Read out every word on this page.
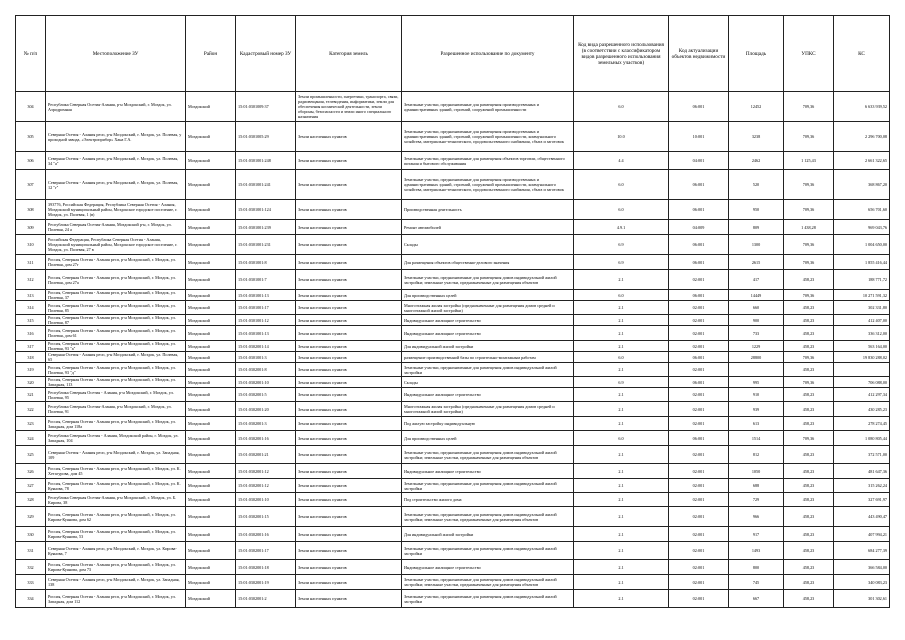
№ п/п	Местоположение ЗУ	Район	Кадастровый номер ЗУ	Категория земель	Разрешенное использование по документу	Код вида разрешенного использования (в соответствии с классификатором видов разрешенного использования земельных участков)	Код актуализации объектов недвижимости	Площадь	УПКС	КС
304	Республика Северная Осетия-Алания, р-н Моздокский, г. Моздок, ул. Аэродромная	Моздокский	15:01:0301009:37	Земли промышленности, энергетики, транспорта, связи, радиовещания, телевидения, информатики, земли для обеспечения космической деятельности, земли обороны, безопасности и земли иного специального назначения	Земельные участки, предназначенные для размещения производственных и административных зданий, строений, сооружений промышленности	6.0	06:001	12452	709,36	6 633 939,52
305	Северная Осетия - Алания респ, р-н Моздокский, г. Моздок, ул. Полевая, у проходной завода, «Электроприбор» Хана Г.А.	Моздокский	15:01:0301005:29	Земли населенных пунктов	Земельные участки, предназначенные для размещения производственных и административных зданий, строений, сооружений промышленности, коммунального хозяйства, материально-технического, продовольственного снабжения, сбыта и заготовок	10.0	10:001	3238	709,36	2 296 700,08
306	Северная Осетия - Алания респ, р-н Моздокский, г. Моздок, ул. Полевая, 34 "а"	Моздокский	15:01:0301001:248	Земли населенных пунктов	Земельные участки, предназначенные для размещения объектов торговли, общественного питания и бытового обслуживания	4.4	04:001	2462	1 125,43	2 661 322,65
307	Северная Осетия - Алания респ, р-н Моздокский, г. Моздок, ул. Полевая, 12 "г"	Моздокский	15:01:0301001:241	Земли населенных пунктов	Земельные участки, предназначенные для размещения производственных и административных зданий, строений, сооружений промышленности, коммунального хозяйства, материально-технического, продовольственного снабжения, сбыта и заготовок	6.0	06:001	520	709,36	368 867,20
308	393776, Российская Федерация, Республика Северная Осетия - Алания, Моздокский муниципальный район, Моздокское городское поселение, г. Моздок, ул. Полевая, 1 (в)	Моздокский	15:01:0301001:124	Земли населенных пунктов	Производственная деятельность	6.0	06:001	950	709,36	656 701,60
309	Республика Северная Осетия-Алания, Моздокский р-н, г. Моздок, ул. Полевая, 24 а	Моздокский	15:01:0301001:239	Земли населенных пунктов	Ремонт автомобилей	4.9.1	04:009	809	1 438,28	969 043,76
310	Российская Федерация, Республика Северная Осетия - Алания, Моздокский муниципальный район, Моздокское городское поселение, г. Моздок, ул. Полевая, 27 в	Моздокский	15:01:0301001:231	Земли населенных пунктов	Склады	6.9	06:001	1300	709,36	1 004 650,00
311	Россия, Северная Осетия - Алания респ, р-н Моздокский, г. Моздок, ул. Полевая, дом 27г	Моздокский	15:01:0301001:8	Земли населенных пунктов	Для размещения объектов общественно-делового значения	6.9	06:001	2615	709,36	1 855 416,44
312	Россия, Северная Осетия - Алания респ, р-н Моздокский, г. Моздок, ул. Полевая, дом 27а	Моздокский	15:01:0301001:7	Земли населенных пунктов	Земельные участки, предназначенные для размещения домов индивидуальной жилой застройки; земельные участки, предназначенные для размещения объектов	2.1	02:001	417	458,23	188 771,72
313	Россия, Северная Осетия - Алания респ, р-н Моздокский, г. Моздок, ул. Полевая, 37	Моздокский	15:01:0301001:13	Земли населенных пунктов	Для производственных целей	6.0	06:001	14449	709,36	10 271 591,32
314	Россия, Северная Осетия - Алания респ, р-н Моздокский, г. Моздок, ул. Полевая, 85	Моздокский	15:01:0301001:17	Земли населенных пунктов	Многоэтажная жилая застройка (предназначенные для размещения домов средней и многоэтажной жилой застройки)	2.1	02:001	660	458,23	302 331,80
315	Россия, Северная Осетия - Алания респ, р-н Моздокский, г. Моздок, ул. Полевая, 87	Моздокский	15:01:0301001:12	Земли населенных пунктов	Индивидуальное жилищное строительство	2.1	02:001	900	458,23	412 407,00
316	Россия, Северная Осетия - Алания респ, р-н Моздокский, г. Моздок, ул. Полевая, дом 61	Моздокский	15:01:0301001:13	Земли населенных пунктов	Индивидуальное жилищное строительство	2.1	02:001	733	458,23	336 312,00
317	Россия, Северная Осетия - Алания респ, р-н Моздокский, г. Моздок, ул. Полевая, 93 "а"	Моздокский	15:01:0302001:14	Земли населенных пунктов	Для индивидуальной жилой застройки	2.1	02:001	1229	458,23	563 164,00
318	Северная Осетия - Алания респ, р-н Моздокский, г. Моздок, ул. Полевая, 65	Моздокский	15:01:0301001:3	Земли населенных пунктов	размещение производственной базы по строительно-монтажным работам	6.0	06:001	28800	709,36	19 830 288,02
319	Россия, Северная Осетия - Алания респ, р-н Моздокский, г. Моздок, ул. Полевая, 93 "д"	Моздокский	15:01:0302001:8	Земли населенных пунктов	Земельные участки, предназначенные для размещения домов индивидуальной жилой застройки	2.1	02:001		458,23	
320	Россия, Северная Осетия - Алания респ, р-н Моздокский, г. Моздок, ул. Западная, 113	Моздокский	15:01:0302001:10	Земли населенных пунктов	Склады	6.9	06:001	995	709,36	706 088,00
321	Республика Северная Осетия - Алания, р-н Моздокский, г. Моздок, ул. Полевая, 95	Моздокский	15:01:0302001:5	Земли населенных пунктов	Индивидуальное жилищное строительство	2.1	02:001	910	458,23	412 297,34
322	Республика Северная Осетия-Алания, р-н Моздокский, г. Моздок, ул. Полевая, 91	Моздокский	15:01:0302001:20	Земли населенных пунктов	Многоэтажная жилая застройка (предназначенные для размещения домов средней и многоэтажной жилой застройки)	2.1	02:001	939	458,23	430 285,23
323	Россия, Северная Осетия - Алания респ, р-н Моздокский, г. Моздок, ул. Западная, дом 118а	Моздокский	15:01:0302001:3	Земли населенных пунктов	Под жилую застройку индивидуальную	2.1	02:001	613	458,23	278 274,45
324	Республика Северная Осетия - Алания, Моздокский район, г. Моздок, ул. Западная, 104	Моздокский	15:01:0302001:16	Земли населенных пунктов	Для производственных целей	6.0	06:001	1514	709,36	1 080 805,44
325	Северная Осетия - Алания респ, р-н Моздокский, г. Моздок, ул. Западная, 109	Моздокский	15:01:0302001:21	Земли населенных пунктов	Земельные участки, предназначенные для размещения домов индивидуальной жилой застройки; земельные участки, предназначенные для размещения объектов	2.1	02:001	812	458,23	372 571,00
326	Россия, Северная Осетия - Алания респ, р-н Моздокский, г. Моздок, ул. К. Хетагурова, дом 45	Моздокский	15:01:0302001:12	Земли населенных пунктов	Индивидуальное жилищное строительство	2.1	02:001	1050	458,23	481 647,36
327	Россия, Северная Осетия - Алания респ, р-н Моздокский, г. Моздок, ул. К. Куянова, 78	Моздокский	15:01:0302001:12	Земли населенных пунктов	Земельные участки, предназначенные для размещения домов индивидуальной жилой застройки	2.1	02:001	688	458,23	315 262,24
328	Республика Северная Осетия-Алания, р-н Моздокский, г. Моздок, ул. Б. Кирова, 38	Моздокский	15:01:0302001:10	Земли населенных пунктов	Под строительство жилого дома	2.1	02:001	729	458,23	327 691,97
329	Россия, Северная Осетия - Алания респ, р-н Моздокский, г. Моздок, ул. Кирова-Куянова, дом 62	Моздокский	15:01:0302001:15	Земли населенных пунктов	Земельные участки, предназначенные для размещения домов индивидуальной жилой застройки; земельные участки, предназначенные для размещения объектов	2.1	02:001	966	458,23	443 490,47
330	Россия, Северная Осетия - Алания респ, р-н Моздокский, г. Моздок, ул. Кирова-Куянова, 53	Моздокский	15:01:0302001:16	Земли населенных пунктов	Для индивидуальной жилой застройки	2.1	02:001	917	458,23	407 994,21
331	Северная Осетия - Алания респ, р-н Моздокский, г. Моздок, ул. Кирова-Куянова, 7	Моздокский	15:01:0302001:17	Земли населенных пунктов	Земельные участки, предназначенные для размещения домов индивидуальной жилой застройки	2.1	02:001	1493	458,23	684 277,39
332	Россия, Северная Осетия - Алания респ, р-н Моздокский, г. Моздок, ул. Кирова-Куянова, дом 73	Моздокский	15:01:0302001:18	Земли населенных пунктов	Индивидуальное жилищное строительство	2.1	02:001	800	458,23	366 584,00
333	Северная Осетия - Алания респ, р-н Моздокский, г. Моздок, ул. Западная, 138	Моздокский	15:01:0302001:19	Земли населенных пунктов	Земельные участки, предназначенные для размещения домов индивидуальной жилой застройки; земельные участки, предназначенные для размещения объектов	2.1	02:001	745	458,23	340 083,23
334	Россия, Северная Осетия - Алания респ, р-н Моздокский, г. Моздок, ул. Западная, дом 112	Моздокский	15:01:0302001:2	Земли населенных пунктов	Земельные участки, предназначенные для размещения домов индивидуальной жилой застройки	2.1	02:001	667	458,23	301 302,61
